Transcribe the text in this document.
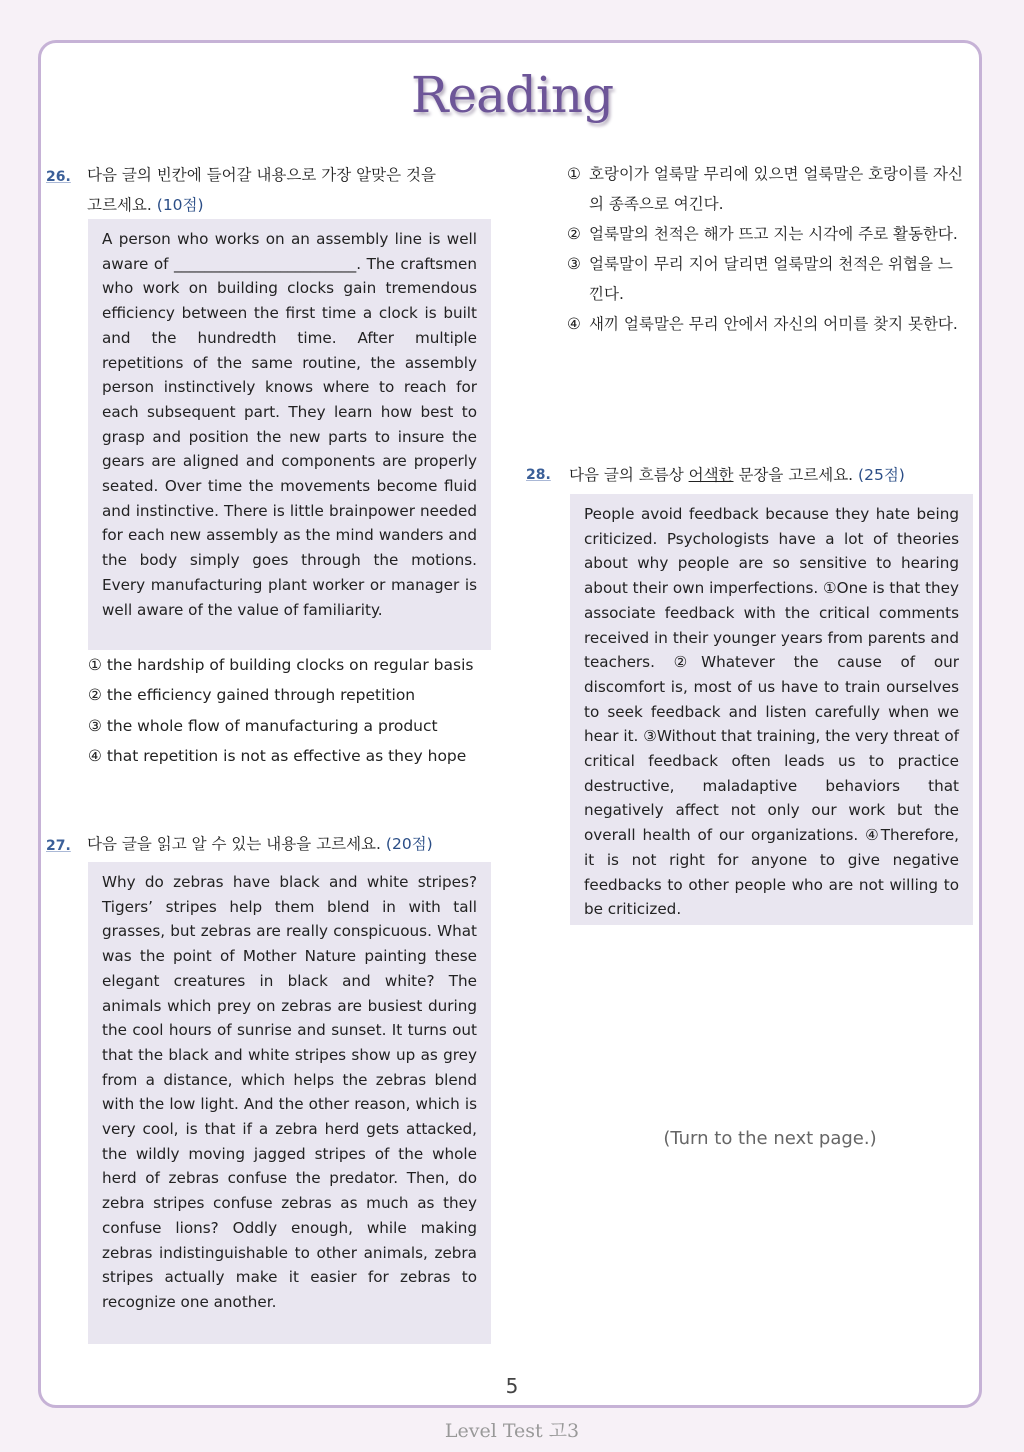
Reading
26. 다음 글의 빈칸에 들어갈 내용으로 가장 알맞은 것을
고르세요. (10점)

A person who works on an assembly line is well aware of ________________________. The craftsmen who work on building clocks gain tremendous efficiency between the first time a clock is built and the hundredth time. After multiple repetitions of the same routine, the assembly person instinctively knows where to reach for each subsequent part. They learn how best to grasp and position the new parts to insure the gears are aligned and components are properly seated. Over time the movements become fluid and instinctive. There is little brainpower needed for each new assembly as the mind wanders and the body simply goes through the motions. Every manufacturing plant worker or manager is well aware of the value of familiarity.

① the hardship of building clocks on regular basis
② the efficiency gained through repetition
③ the whole flow of manufacturing a product
④ that repetition is not as effective as they hope
27. 다음 글을 읽고 알 수 있는 내용을 고르세요. (20점)

Why do zebras have black and white stripes? Tigers’ stripes help them blend in with tall grasses, but zebras are really conspicuous. What was the point of Mother Nature painting these elegant creatures in black and white? The animals which prey on zebras are busiest during the cool hours of sunrise and sunset. It turns out that the black and white stripes show up as grey from a distance, which helps the zebras blend with the low light. And the other reason, which is very cool, is that if a zebra herd gets attacked, the wildly moving jagged stripes of the whole herd of zebras confuse the predator. Then, do zebra stripes confuse zebras as much as they confuse lions? Oddly enough, while making zebras indistinguishable to other animals, zebra stripes actually make it easier for zebras to recognize one another.

① 호랑이가 얼룩말 무리에 있으면 얼룩말은 호랑이를 자신의 종족으로 여긴다.
② 얼룩말의 천적은 해가 뜨고 지는 시각에 주로 활동한다.
③ 얼룩말이 무리 지어 달리면 얼룩말의 천적은 위협을 느낀다.
④ 새끼 얼룩말은 무리 안에서 자신의 어미를 찾지 못한다.
28. 다음 글의 흐름상 어색한 문장을 고르세요. (25점)

People avoid feedback because they hate being criticized. Psychologists have a lot of theories about why people are so sensitive to hearing about their own imperfections. ①One is that they associate feedback with the critical comments received in their younger years from parents and teachers. ②Whatever the cause of our discomfort is, most of us have to train ourselves to seek feedback and listen carefully when we hear it. ③Without that training, the very threat of critical feedback often leads us to practice destructive, maladaptive behaviors that negatively affect not only our work but the overall health of our organizations. ④Therefore, it is not right for anyone to give negative feedbacks to other people who are not willing to be criticized.

(Turn to the next page.)
5
Level Test 고3
